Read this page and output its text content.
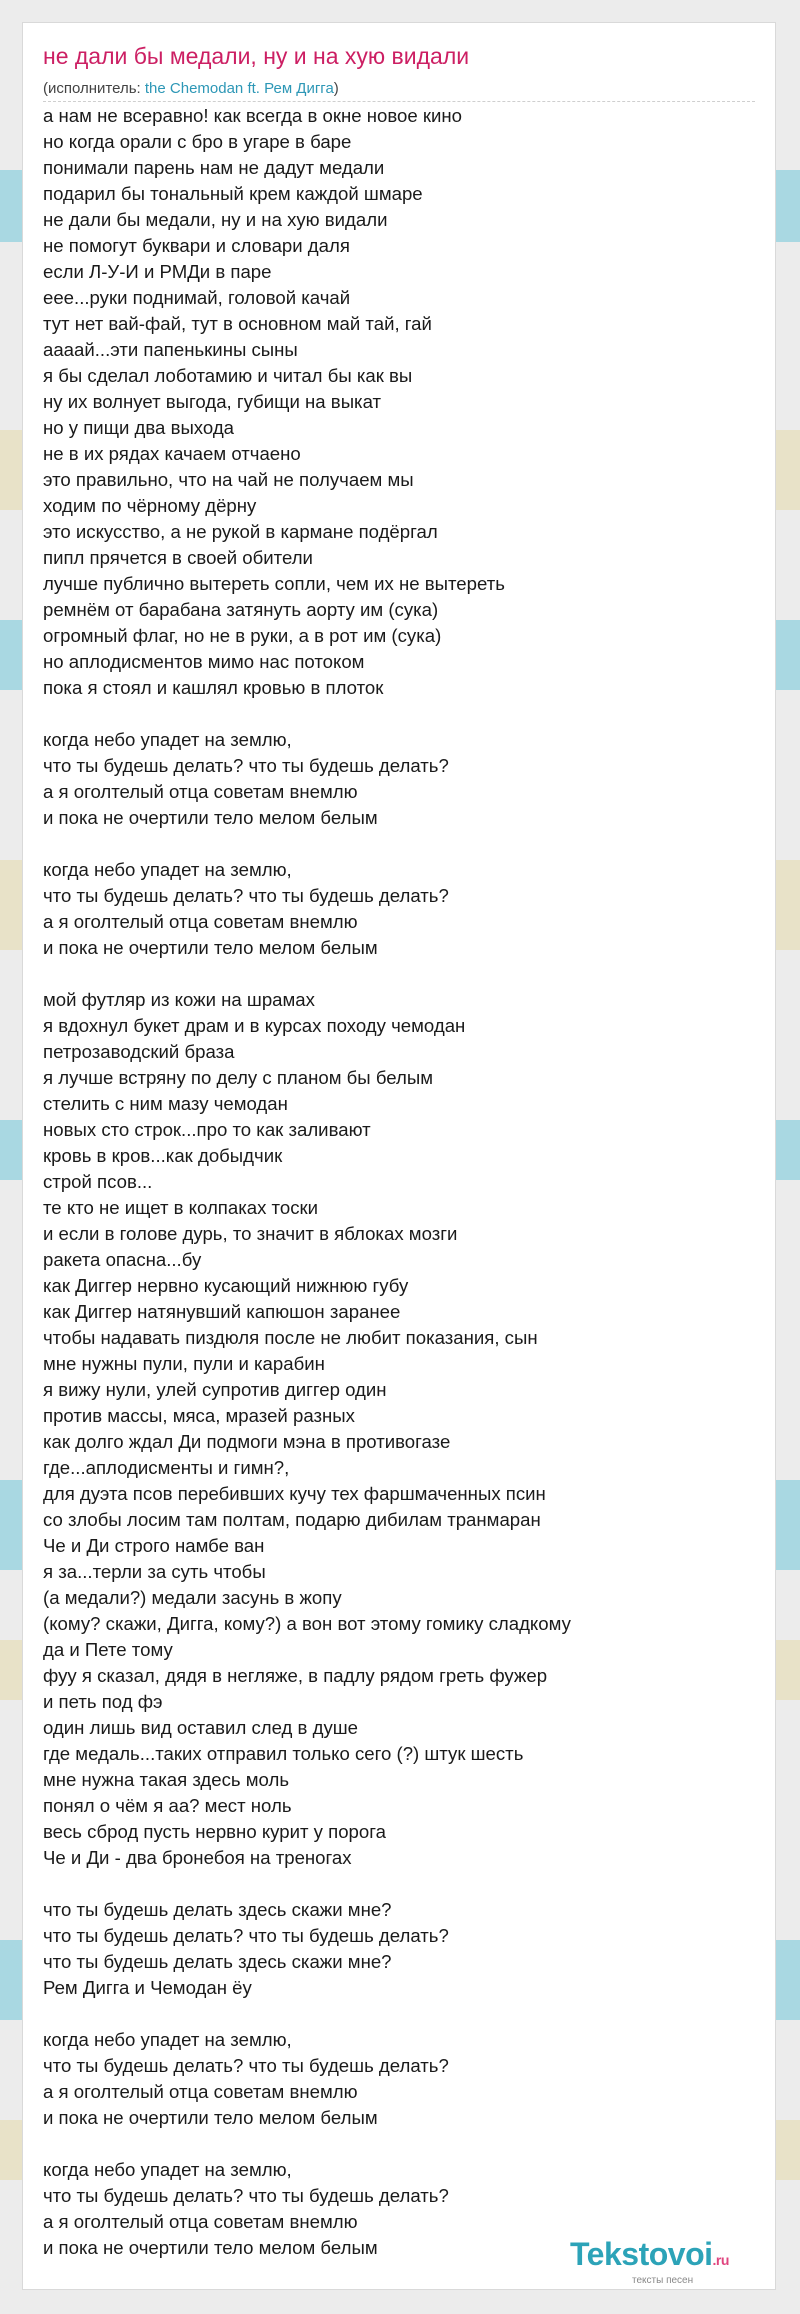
не дали бы медали, ну и на хую видали
(исполнитель: the Chemodan ft. Рем Дигга)
а нам не всеравно! как всегда в окне новое кино
но когда орали с бро в угаре в баре
понимали парень нам не дадут медали
подарил бы тональный крем каждой шмаре
не дали бы медали, ну и на хую видали
не помогут буквари и словари даля
если Л-У-И и РМДи в паре
еее...руки поднимай, головой качай
тут нет вай-фай, тут в основном май тай, гай
аааай...эти папенькины сыны
я бы сделал лоботамию и читал бы как вы
ну их волнует выгода, губищи на выкат
но у пищи два выхода
не в их рядах качаем отчаено
это правильно, что на чай не получаем мы
ходим по чёрному дёрну
это искусство, а не рукой в кармане подёргал
пипл прячется в своей обители
лучше публично вытереть сопли, чем их не вытереть
ремнём от барабана затянуть аорту им (сука)
огромный флаг, но не в руки, а в рот им (сука)
но аплодисментов мимо нас потоком
пока я стоял и кашлял кровью в плоток
когда небо упадет на землю,
что ты будешь делать? что ты будешь делать?
а я оголтелый отца советам внемлю
и пока не очертили тело мелом белым
когда небо упадет на землю,
что ты будешь делать? что ты будешь делать?
а я оголтелый отца советам внемлю
и пока не очертили тело мелом белым
мой футляр из кожи на шрамах
я вдохнул букет драм и в курсах походу чемодан
петрозаводский браза
я лучше встряну по делу с планом бы белым
стелить с ним мазу чемодан
новых сто строк...про то как заливают
кровь в кров...как добыдчик
строй псов...
те кто не ищет в колпаках тоски
и если в голове дурь, то значит в яблоках мозги
ракета опасна...бу
как Диггер нервно кусающий нижнюю губу
как Диггер натянувший капюшон заранее
чтобы надавать пиздюля после не любит показания, сын
мне нужны пули, пули и карабин
я вижу нули, улей супротив диггер один
против массы, мяса, мразей разных
как долго ждал Ди подмоги мэна в противогазе
где...аплодисменты и гимн?,
для дуэта псов перебивших кучу тех фаршмаченных псин
со злобы лосим там полтам, подарю дибилам транмаран
Че и Ди строго намбе ван
я за...терли за суть чтобы
(а медали?) медали засунь в жопу
(кому? скажи, Дигга, кому?) а вон вот этому гомику сладкому
да и Пете тому
фуу я сказал, дядя в негляже, в падлу рядом греть фужер
и петь под фэ
один лишь вид оставил след в душе
где медаль...таких отправил только сего (?) штук шесть
мне нужна такая здесь моль
понял о чём я аа? мест ноль
весь сброд пусть нервно курит у порога
Че и Ди - два бронебоя на треногах
что ты будешь делать здесь скажи мне?
что ты будешь делать? что ты будешь делать?
что ты будешь делать здесь скажи мне?
Рем Дигга и Чемодан ёу
когда небо упадет на землю,
что ты будешь делать? что ты будешь делать?
а я оголтелый отца советам внемлю
и пока не очертили тело мелом белым
когда небо упадет на землю,
что ты будешь делать? что ты будешь делать?
а я оголтелый отца советам внемлю
и пока не очертили тело мелом белым	Tekstovoi.ru
тексты песен
